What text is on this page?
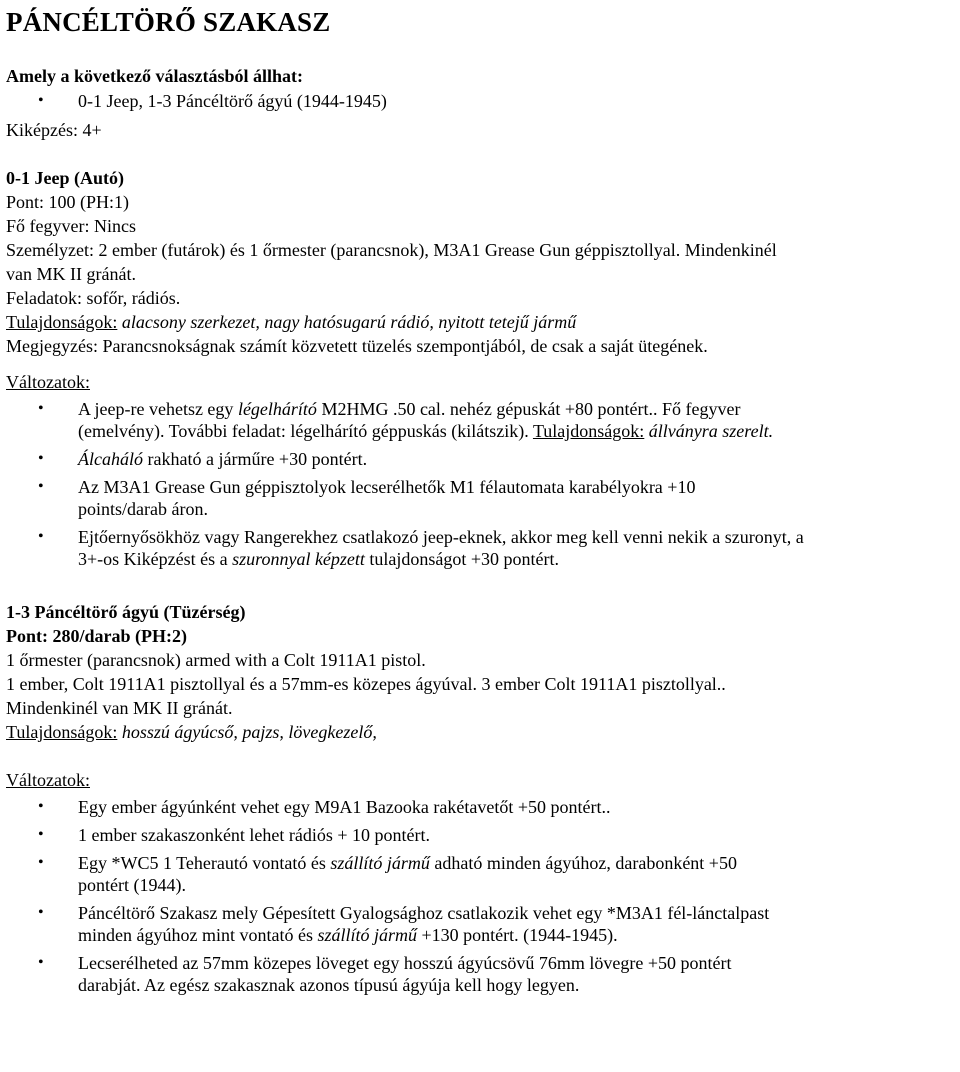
PÁNCÉLTÖRŐ SZAKASZ

Amely a következő választásból állhat:

• 0-1 Jeep, 1-3 Páncéltörő ágyú (1944-1945)

Kiképzés: 4+

0-1 Jeep (Autó)

Pont: 100 (PH:1)

Fő fegyver: Nincs

Személyzet: 2 ember (futárok) és 1 őrmester (parancsnok), M3A1 Grease Gun géppisztollyal. Mindenkinél

van MK II gránát.

Feladatok: sofőr, rádiós.

Tulajdonságok: alacsony szerkezet, nagy hatósugarú rádió, nyitott tetejű jármű

Megjegyzés: Parancsnokságnak számít közvetett tüzelés szempontjából, de csak a saját ütegének.

Változatok:

• A jeep-re vehetsz egy légelhárító M2HMG .50 cal. nehéz gépuskát +80 pontért.. Fő fegyver
(emelvény). További feladat: légelhárító géppuskás (kilátszik). Tulajdonságok: állványra szerelt.
• Álcaháló rakható a járműre +30 pontért.
• Az M3A1 Grease Gun géppisztolyok lecserélhetők M1 félautomata karabélyokra +10
points/darab áron.
• Ejtőernyősökhöz vagy Rangerekhez csatlakozó jeep-eknek, akkor meg kell venni nekik a szuronyt, a
3+-os Kiképzést és a szuronnyal képzett tulajdonságot +30 pontért.

1-3 Páncéltörő ágyú (Tüzérség)

Pont: 280/darab (PH:2)

1 őrmester (parancsnok) armed with a Colt 1911A1 pistol.

1 ember, Colt 1911A1 pisztollyal és a 57mm-es közepes ágyúval. 3 ember Colt 1911A1 pisztollyal..

Mindenkinél van MK II gránát.

Tulajdonságok: hosszú ágyúcső, pajzs, lövegkezelő,

Változatok:

• Egy ember ágyúnként vehet egy M9A1 Bazooka rakétavetőt +50 pontért..
• 1 ember szakaszonként lehet rádiós + 10 pontért.
• Egy *WC5 1 Teherautó vontató és szállító jármű adható minden ágyúhoz, darabonként +50
pontért (1944).
• Páncéltörő Szakasz mely Gépesített Gyalogsághoz csatlakozik vehet egy *M3A1 fél-lánctalpast
minden ágyúhoz mint vontató és szállító jármű +130 pontért. (1944-1945).
• Lecserélheted az 57mm közepes löveget egy hosszú ágyúcsövű 76mm lövegre +50 pontért
darabját. Az egész szakasznak azonos típusú ágyúja kell hogy legyen.
